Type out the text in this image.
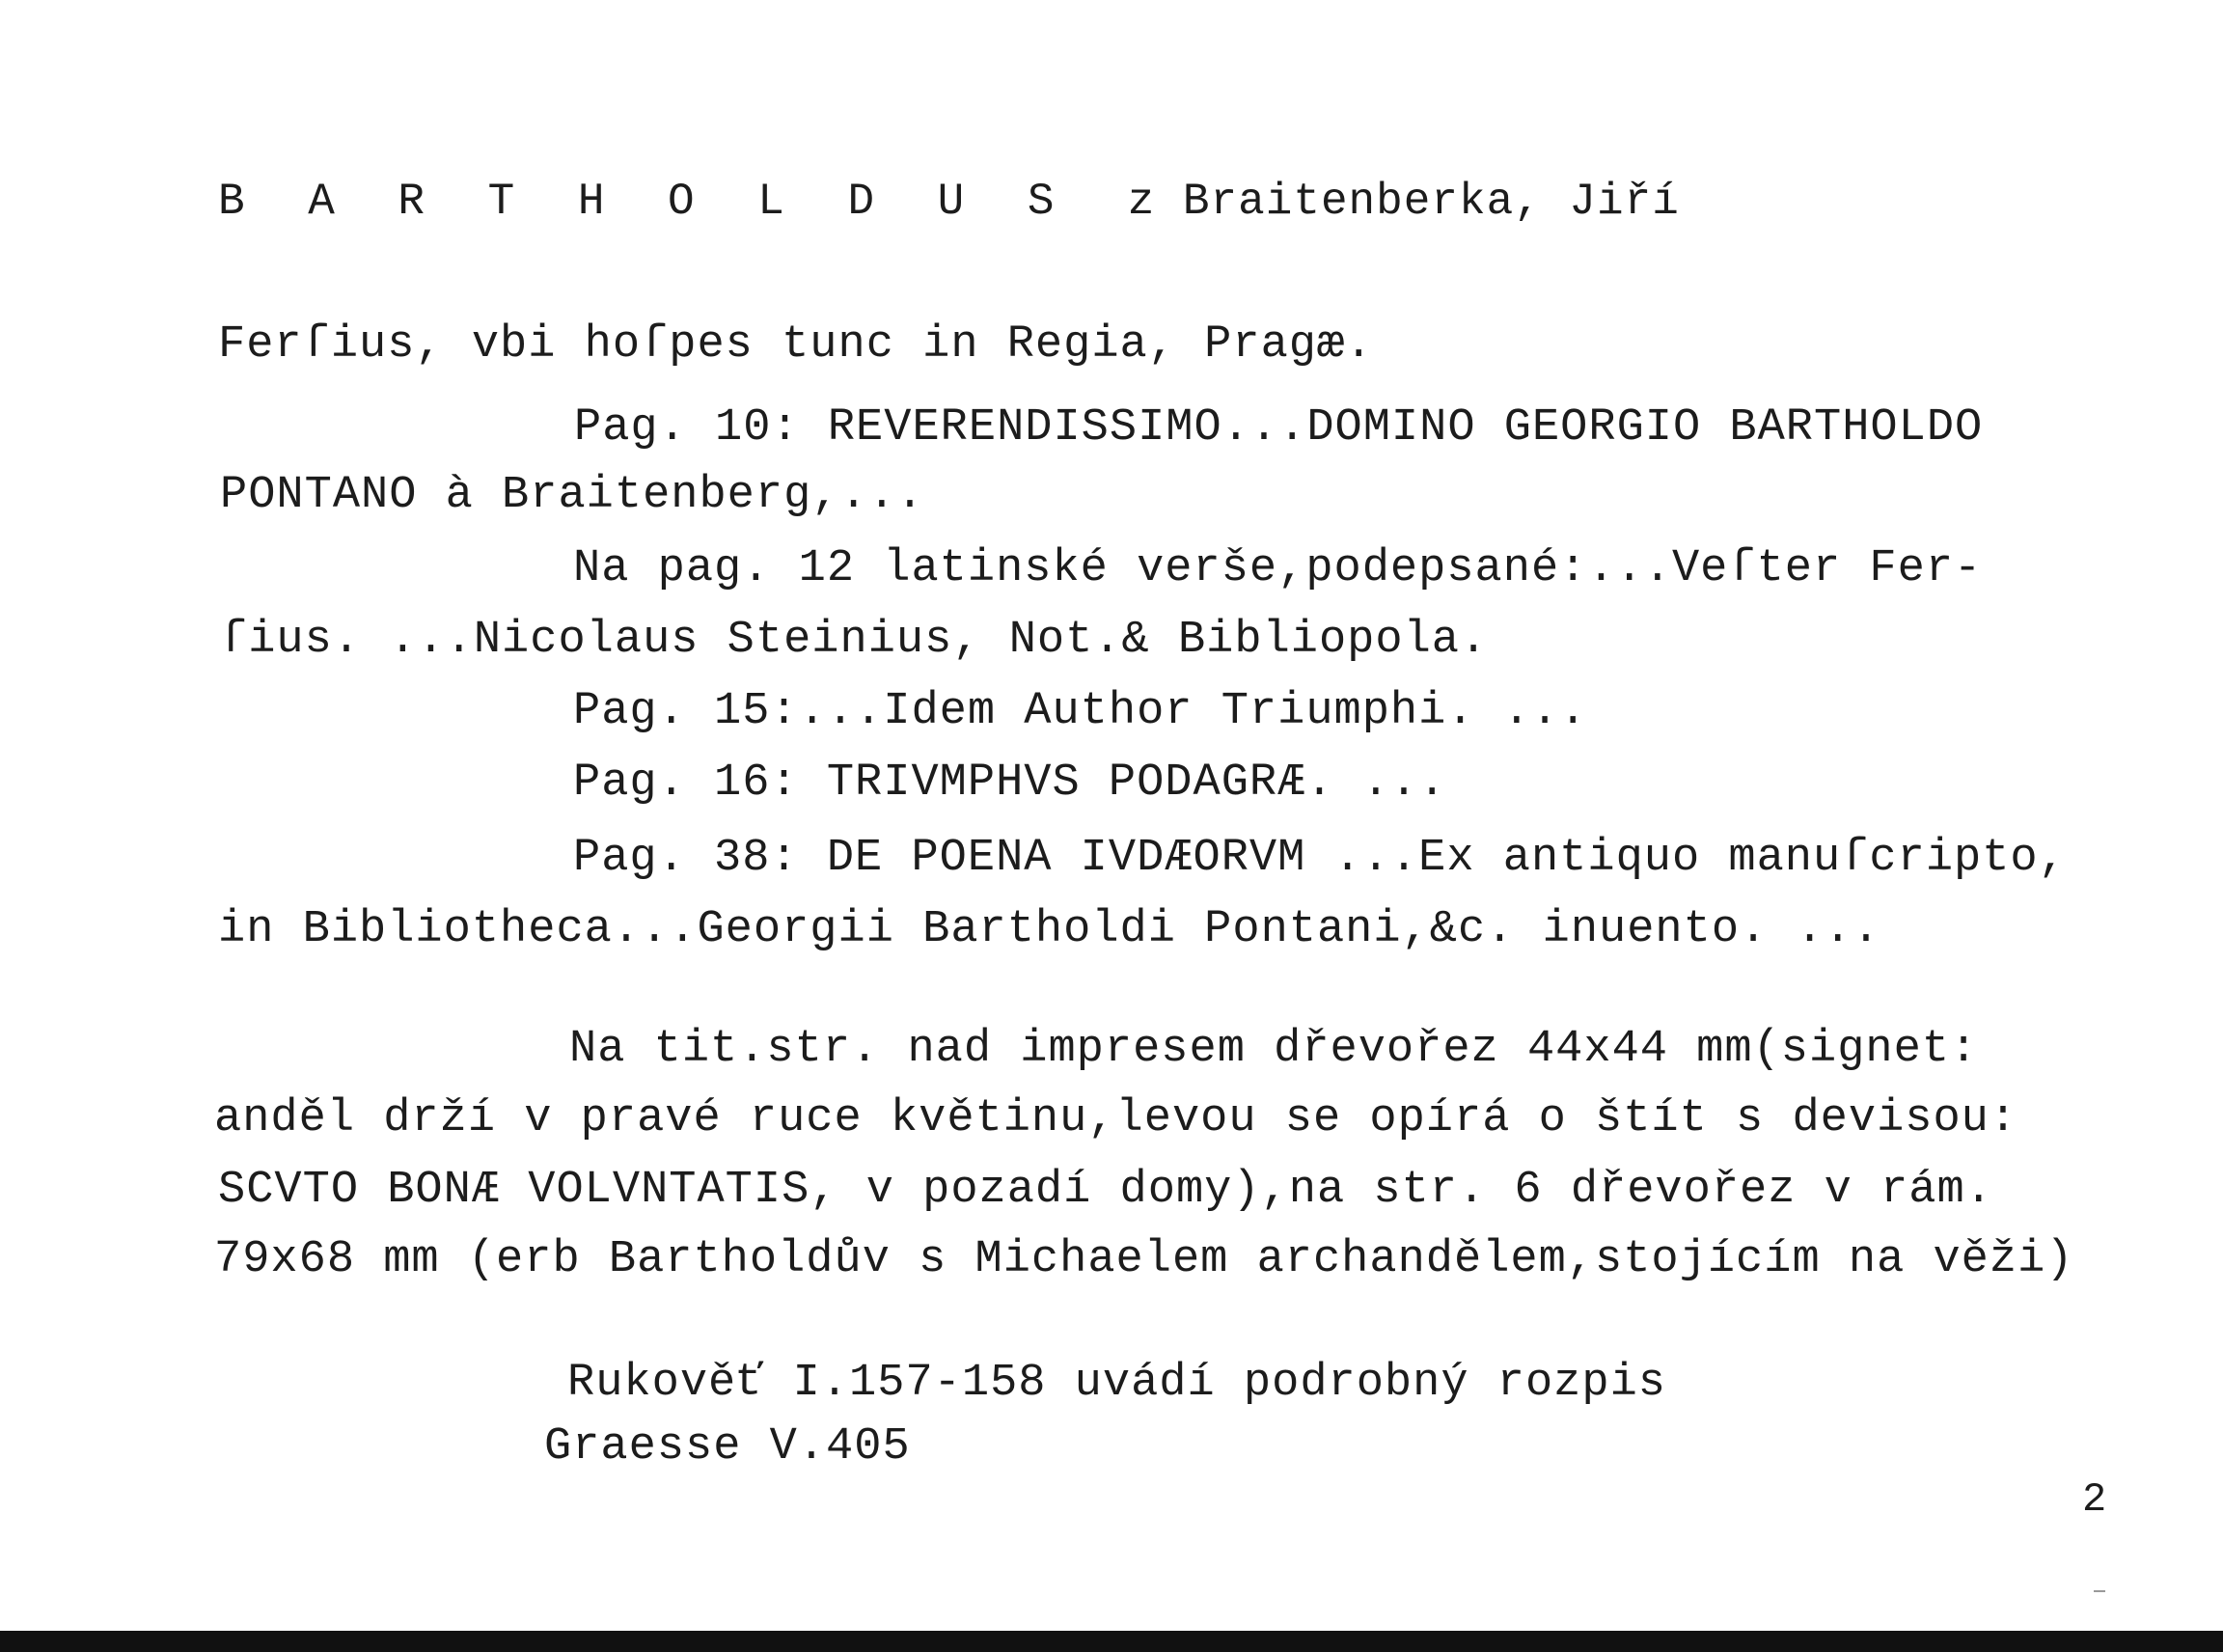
B A R T H O L D U S z Braitenberka, Jiří
Ferſius, vbi hoſpes tunc in Regia, Pragæ.
Pag. 10: REVERENDISSIMO...DOMINO GEORGIO BARTHOLDO
PONTANO à Braitenberg,...
Na pag. 12 latinské verše,podepsané:...Veſter Fer-
ſius. ...Nicolaus Steinius, Not.& Bibliopola.
Pag. 15:...Idem Author Triumphi. ...
Pag. 16: TRIVMPHVS PODAGRÆ. ...
Pag. 38: DE POENA IVDÆORVM ...Ex antiquo manuſcripto,
in Bibliotheca...Georgii Bartholdi Pontani,&c. inuento. ...
Na tit.str. nad impresem dřevořez 44x44 mm(signet:
anděl drží v pravé ruce květinu,levou se opírá o štít s devisou:
SCVTO BONÆ VOLVNTATIS, v pozadí domy),na str. 6 dřevořez v rám.
79x68 mm (erb Bartholdův s Michaelem archandělem,stojícím na věži)
Rukověť I.157-158 uvádí podrobný rozpis
Graesse V.405
2
